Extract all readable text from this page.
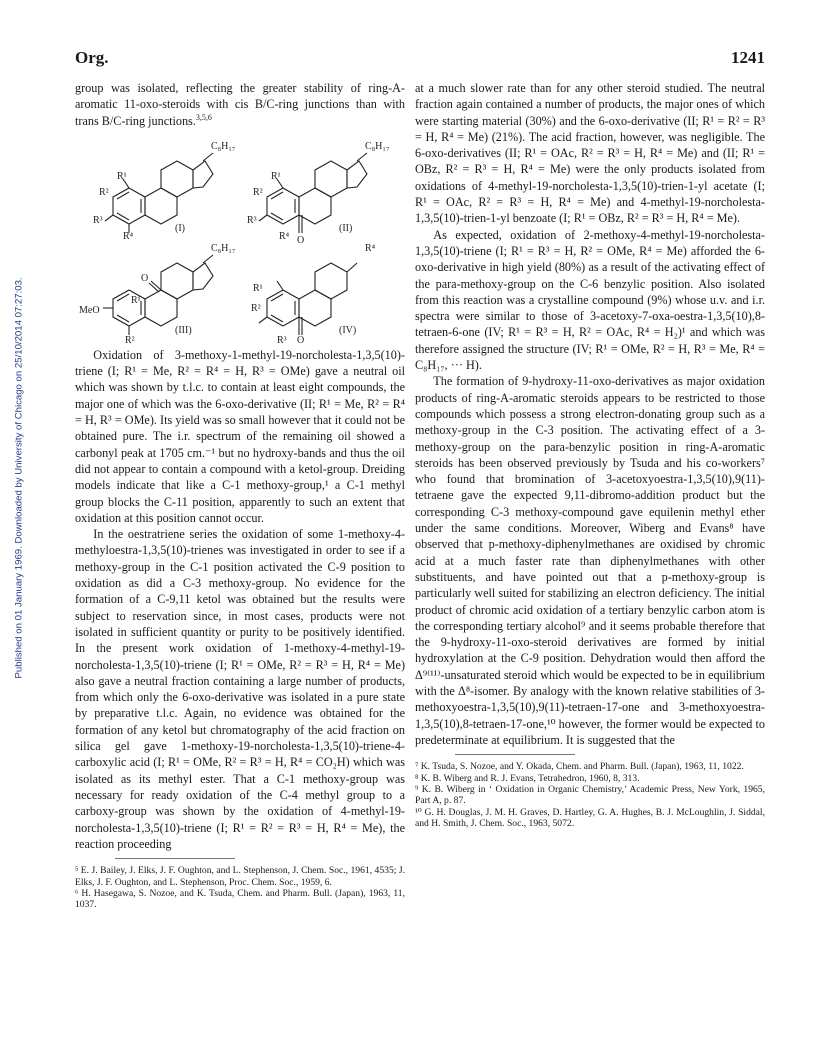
Org.	1241
Published on 01 January 1969. Downloaded by University of Chicago on 25/10/2014 07:27:03.

group was isolated, reflecting the greater stability of ring-A-aromatic 11-oxo-steroids with cis B/C-ring junctions than with trans B/C-ring junctions.$^{3,5,6}$

(I)	(II)
(III)	(IV)
C₈H₁₇	C₈H₁₇
C₈H₁₇	R⁴
R¹
R²
R³
R⁴
R¹
R²
R³
R⁴ O
O
R¹
MeO
R²
R¹
R²
R³ O

Oxidation of 3-methoxy-1-methyl-19-norcholesta-1,3,5(10)-triene (I; R¹ = Me, R² = R⁴ = H, R³ = OMe) gave a neutral oil which was shown by t.l.c. to contain at least eight compounds, the major one of which was the 6-oxo-derivative (II; R¹ = Me, R² = R⁴ = H, R³ = OMe). Its yield was so small however that it could not be obtained pure. The i.r. spectrum of the remaining oil showed a carbonyl peak at 1705 cm.⁻¹ but no hydroxy-bands and thus the oil did not appear to contain a compound with a ketol-group. Dreiding models indicate that like a C-1 methoxy-group,¹ a C-1 methyl group blocks the C-11 position, apparently to such an extent that oxidation at this position cannot occur.

In the oestratriene series the oxidation of some 1-methoxy-4-methyloestra-1,3,5(10)-trienes was investigated in order to see if a methoxy-group in the C-1 position activated the C-9 position to oxidation as did a C-3 methoxy-group. No evidence for the formation of a C-9,11 ketol was obtained but the results were subject to reservation since, in most cases, products were not isolated in sufficient quantity or purity to be positively identified. In the present work oxidation of 1-methoxy-4-methyl-19-norcholesta-1,3,5(10)-triene (I; R¹ = OMe, R² = R³ = H, R⁴ = Me) also gave a neutral fraction containing a large number of products, from which only the 6-oxo-derivative was isolated in a pure state by preparative t.l.c. Again, no evidence was obtained for the formation of any ketol but chromatography of the acid fraction on silica gel gave 1-methoxy-19-norcholesta-1,3,5(10)-triene-4-carboxylic acid (I; R¹ = OMe, R² = R³ = H, R⁴ = CO₂H) which was isolated as its methyl ester. That a C-1 methoxy-group was necessary for ready oxidation of the C-4 methyl group to a carboxy-group was shown by the oxidation of 4-methyl-19-norcholesta-1,3,5(10)-triene (I; R¹ = R² = R³ = H, R⁴ = Me), the reaction proceeding

⁵ E. J. Bailey, J. Elks, J. F. Oughton, and L. Stephenson, J. Chem. Soc., 1961, 4535; J. Elks, J. F. Oughton, and L. Stephenson, Proc. Chem. Soc., 1959, 6.

⁶ H. Hasegawa, S. Nozoe, and K. Tsuda, Chem. and Pharm. Bull. (Japan), 1963, 11, 1037.

at a much slower rate than for any other steroid studied. The neutral fraction again contained a number of products, the major ones of which were starting material (30%) and the 6-oxo-derivative (II; R¹ = R² = R³ = H, R⁴ = Me) (21%). The acid fraction, however, was negligible. The 6-oxo-derivatives (II; R¹ = OAc, R² = R³ = H, R⁴ = Me) and (II; R¹ = OBz, R² = R³ = H, R⁴ = Me) were the only products isolated from oxidations of 4-methyl-19-norcholesta-1,3,5(10)-trien-1-yl acetate (I; R¹ = OAc, R² = R³ = H, R⁴ = Me) and 4-methyl-19-norcholesta-1,3,5(10)-trien-1-yl benzoate (I; R¹ = OBz, R² = R³ = H, R⁴ = Me).

As expected, oxidation of 2-methoxy-4-methyl-19-norcholesta-1,3,5(10)-triene (I; R¹ = R³ = H, R² = OMe, R⁴ = Me) afforded the 6-oxo-derivative in high yield (80%) as a result of the activating effect of the para-methoxy-group on the C-6 benzylic position. Also isolated from this reaction was a crystalline compound (9%) whose u.v. and i.r. spectra were similar to those of 3-acetoxy-7-oxa-oestra-1,3,5(10),8-tetraen-6-one (IV; R¹ = R³ = H, R² = OAc, R⁴ = H₂)¹ and which was therefore assigned the structure (IV; R¹ = OMe, R² = H, R³ = Me, R⁴ = C₈H₁₇, ··· H).

The formation of 9-hydroxy-11-oxo-derivatives as major oxidation products of ring-A-aromatic steroids appears to be restricted to those compounds which possess a strong electron-donating group such as a methoxy-group in the C-3 position. The activating effect of a 3-methoxy-group on the para-benzylic position in ring-A-aromatic steroids has been observed previously by Tsuda and his co-workers⁷ who found that bromination of 3-acetoxyoestra-1,3,5(10),9(11)-tetraene gave the expected 9,11-dibromo-addition product but the corresponding C-3 methoxy-compound gave equilenin methyl ether under the same conditions. Moreover, Wiberg and Evans⁸ have observed that p-methoxy-diphenylmethanes are oxidised by chromic acid at a much faster rate than diphenylmethanes with other substituents, and have pointed out that a p-methoxy-group is particularly well suited for stabilizing an electron deficiency. The initial product of chromic acid oxidation of a tertiary benzylic carbon atom is the corresponding tertiary alcohol⁹ and it seems probable therefore that the 9-hydroxy-11-oxo-steroid derivatives are formed by initial hydroxylation at the C-9 position. Dehydration would then afford the Δ⁹⁽¹¹⁾-unsaturated steroid which would be expected to be in equilibrium with the Δ⁸-isomer. By analogy with the known relative stabilities of 3-methoxyoestra-1,3,5(10),9(11)-tetraen-17-one and 3-methoxyoestra-1,3,5(10),8-tetraen-17-one,¹⁰ however, the former would be expected to predeterminate at equilibrium. It is suggested that the

⁷ K. Tsuda, S. Nozoe, and Y. Okada, Chem. and Pharm. Bull. (Japan), 1963, 11, 1022.

⁸ K. B. Wiberg and R. J. Evans, Tetrahedron, 1960, 8, 313.

⁹ K. B. Wiberg in ‘ Oxidation in Organic Chemistry,’ Academic Press, New York, 1965, Part A, p. 87.

¹⁰ G. H. Douglas, J. M. H. Graves, D. Hartley, G. A. Hughes, B. J. McLoughlin, J. Siddal, and H. Smith, J. Chem. Soc., 1963, 5072.
